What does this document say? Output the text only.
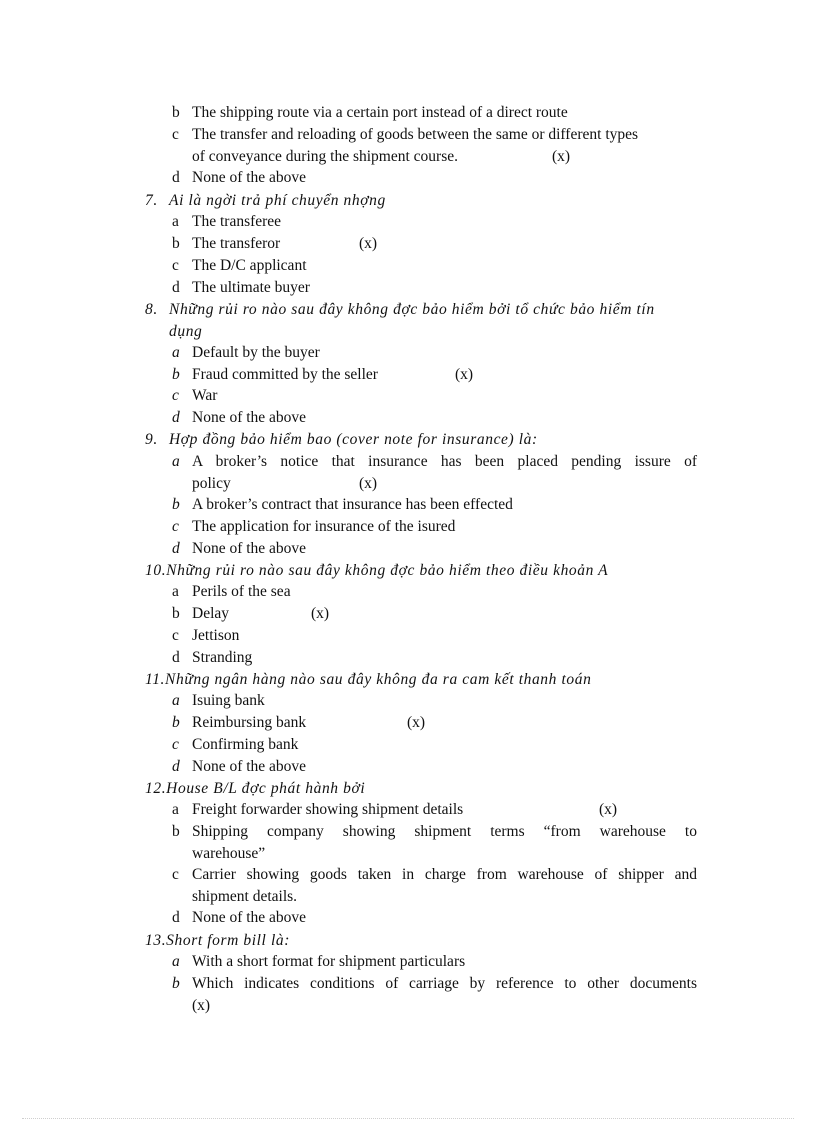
b The shipping route via a certain port instead of a direct route

c The transfer and reloading of goods between the same or different types

of conveyance during the shipment course.	(x)

d None of the above

7. Ai là ngời trả phí chuyển nhợng

a The transferee

b The transferor	(x)

c The D/C applicant

d The ultimate buyer

8. Những rủi ro nào sau đây không đợc bảo hiểm bởi tổ chức bảo hiểm tín

dụng

a Default by the buyer

b Fraud committed by the seller	(x)

c War

d None of the above

9. Hợp đồng bảo hiểm bao (cover note for insurance) là:

a A broker’s notice that insurance has been placed pending issure of

policy	(x)

b A broker’s contract that insurance has been effected

c The application for insurance of the isured

d None of the above

10.Những rủi ro nào sau đây không đợc bảo hiểm theo điều khoản A

a Perils of the sea

b Delay	(x)

c Jettison

d Stranding

11.Những ngân hàng nào sau đây không đa ra cam kết thanh toán

a Isuing bank

b Reimbursing bank	(x)

c Confirming bank

d None of the above

12.House B/L đợc phát hành bởi

a Freight forwarder showing shipment details	(x)

b Shipping company showing shipment terms “from warehouse to

warehouse”

c Carrier showing goods taken in charge from warehouse of shipper and

shipment details.

d None of the above

13.Short form bill là:

a With a short format for shipment particulars

b Which indicates conditions of carriage by reference to other documents

(x)
